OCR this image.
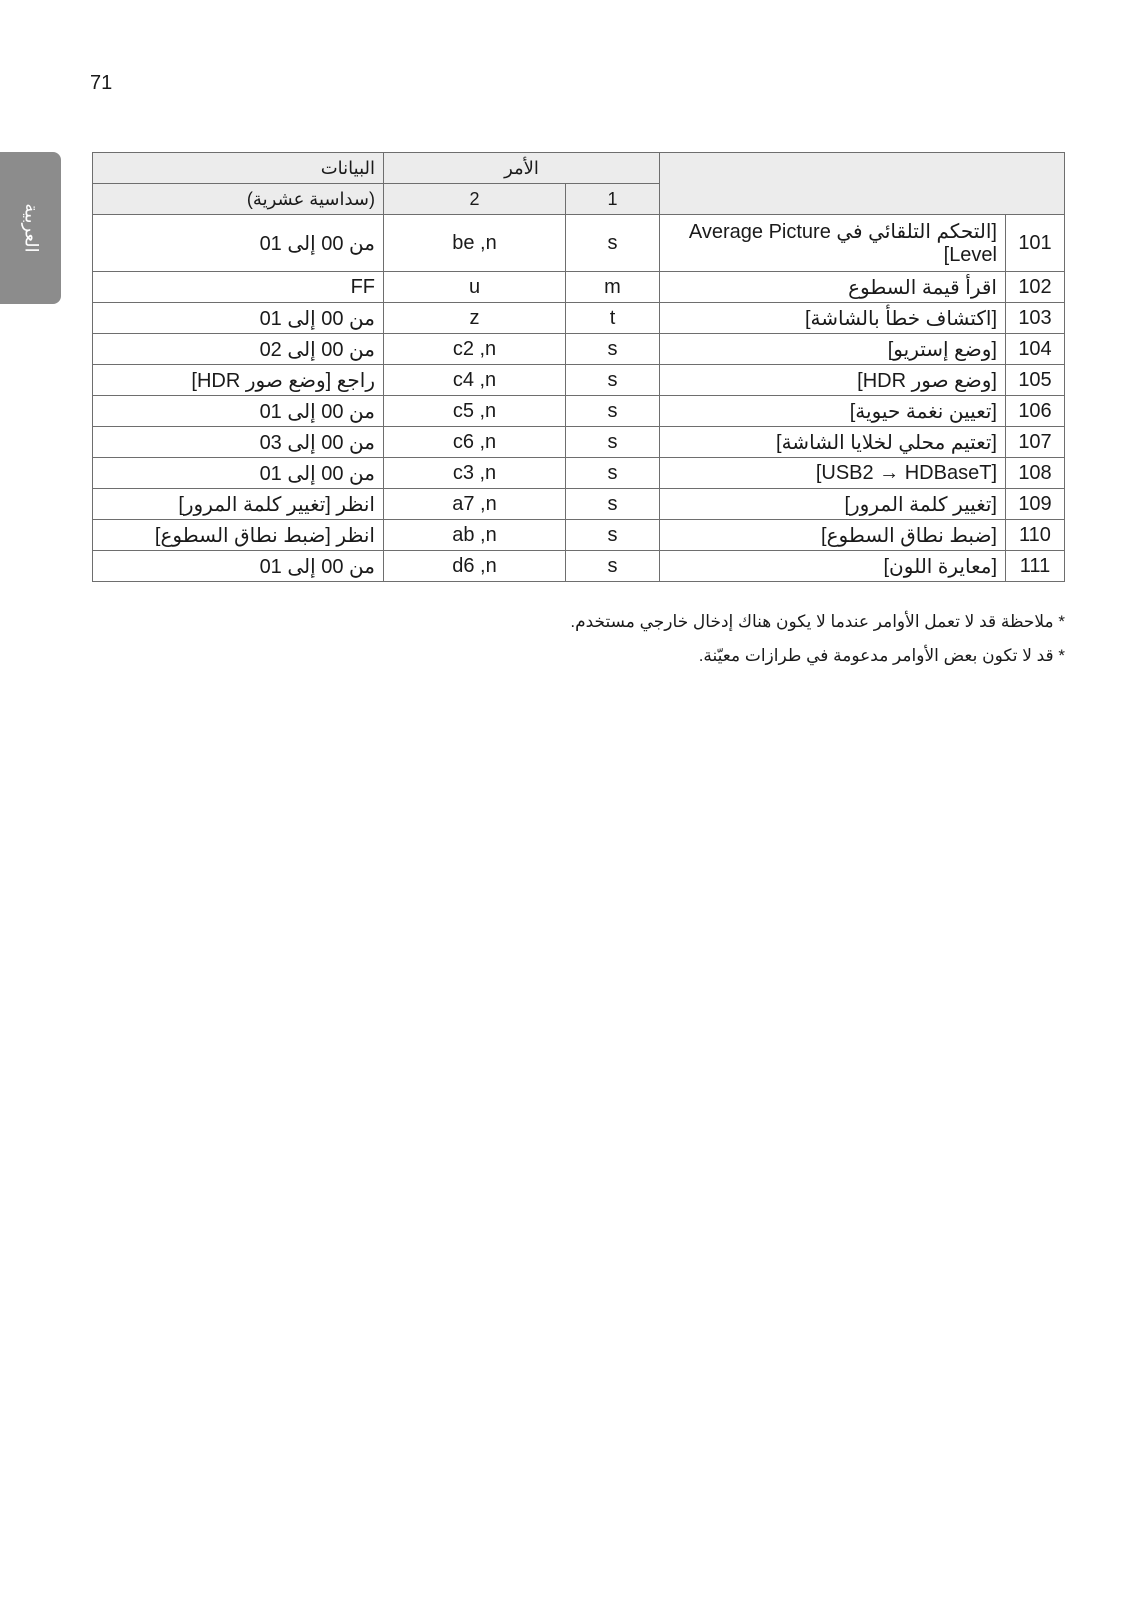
71
العربية
البيانات	الأمر			
(سداسية عشرية)	2	1		
من 00 إلى 01	be ,n	s	[التحكم التلقائي في Average Picture Level]	101
FF	u	m	اقرأ قيمة السطوع	102
من 00 إلى 01	z	t	[اكتشاف خطأ بالشاشة]	103
من 00 إلى 02	c2 ,n	s	[وضع إستريو]	104
راجع [وضع صور HDR]	c4 ,n	s	[وضع صور HDR]	105
من 00 إلى 01	c5 ,n	s	[تعيين نغمة حيوية]	106
من 00 إلى 03	c6 ,n	s	[تعتيم محلي لخلايا الشاشة]	107
من 00 إلى 01	c3 ,n	s	[USB2 → HDBaseT]	108
انظر [تغيير كلمة المرور]	a7 ,n	s	[تغيير كلمة المرور]	109
انظر [ضبط نطاق السطوع]	ab ,n	s	[ضبط نطاق السطوع]	110
من 00 إلى 01	d6 ,n	s	[معايرة اللون]	111

* ملاحظة قد لا تعمل الأوامر عندما لا يكون هناك إدخال خارجي مستخدم.

* قد لا تكون بعض الأوامر مدعومة في طرازات معيّنة.
